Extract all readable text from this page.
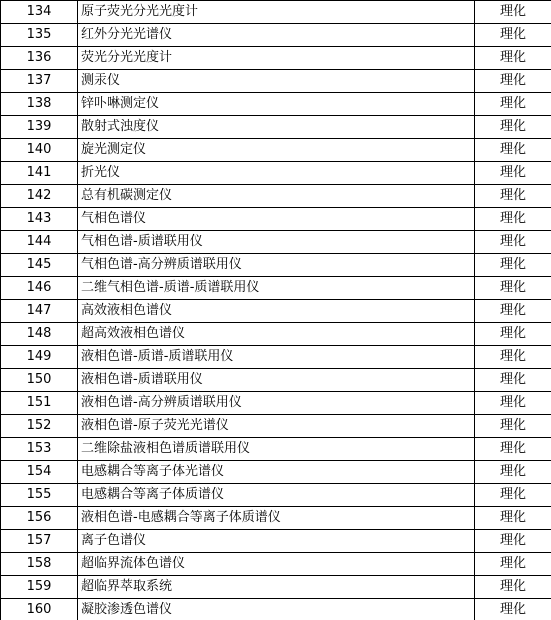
134	原子荧光分光光度计	理化
135	红外分光光谱仪	理化
136	荧光分光光度计	理化
137	测汞仪	理化
138	锌卟啉测定仪	理化
139	散射式浊度仪	理化
140	旋光测定仪	理化
141	折光仪	理化
142	总有机碳测定仪	理化
143	气相色谱仪	理化
144	气相色谱-质谱联用仪	理化
145	气相色谱-高分辨质谱联用仪	理化
146	二维气相色谱-质谱-质谱联用仪	理化
147	高效液相色谱仪	理化
148	超高效液相色谱仪	理化
149	液相色谱-质谱-质谱联用仪	理化
150	液相色谱-质谱联用仪	理化
151	液相色谱-高分辨质谱联用仪	理化
152	液相色谱-原子荧光光谱仪	理化
153	二维除盐液相色谱质谱联用仪	理化
154	电感耦合等离子体光谱仪	理化
155	电感耦合等离子体质谱仪	理化
156	液相色谱-电感耦合等离子体质谱仪	理化
157	离子色谱仪	理化
158	超临界流体色谱仪	理化
159	超临界萃取系统	理化
160	凝胶渗透色谱仪	理化
